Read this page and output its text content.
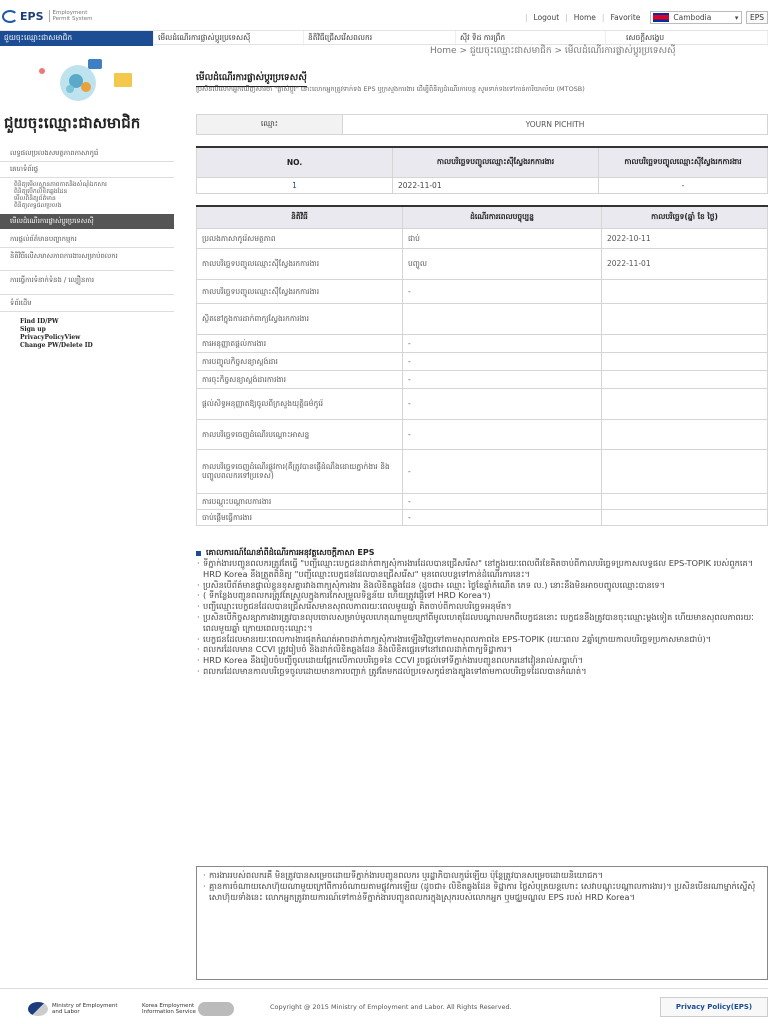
EPS Employment
Permit System	| Logout | Home | Favorite	Cambodia	▾	EPS
ជួយចុះឈ្មោះជាសមាជិក	មើលដំណើរការផ្លាស់ប្តូរប្រទេសស៊ី	និតិវិធីជ្រើសរើសពលករ	ស៊ីវ ទិដ ការព្រឹក	សេចក្តីសង្ខេប
Home > ជួយចុះឈ្មោះជាសមាជិក > មើលដំណើរការផ្លាស់ប្តូរប្រទេសស៊ី
ជួយចុះឈ្មោះជាសមាជិក
លទ្ធផលប្រលងសមត្ថភាពភាសាកូរ៉េ
គេហទំព័រផ្ទ
ពិនិត្យមើលស្ថានភាពកាតនិងសំណុំឯកសារ
ពិនិត្យបើកលិខិតឆ្លងដែន
មើលពិនិត្យព័ត៌មាន
ពិនិត្យលទ្ធផលប្រលង
មើលដំណើរការផ្លាស់ប្តូរប្រទេសស៊ី
ការផ្តល់ព័ត៌មានបញ្ហាកម្មករ
និតិវិធីលើសមាសភាពការងារសម្រាប់ពលករ
ការធ្វើការទំនាក់ទំនង / ល្បឿនការ
ទំព័រដើម
Find ID/PW
Sign up
PrivacyPolicyView
Change PW/Delete ID
មើលដំណើរការផ្លាស់ប្តូរប្រទេសស៊ី
ប្រសិនបើលោកអ្នកឃើញសារថា "ផ្លាស់ប្តូរ" នោះលោកអ្នកត្រូវទាក់ទង EPS ឬក្រសួងការងារ ដើម្បីពិនិត្យដំណើរការបន្ត សូមទាក់ទងទៅកាន់ការិយាល័យ (MTOSB)
ឈ្មោះ	YOURN PICHITH
NO.	កាលបរិច្ឆេទបញ្ចូលឈ្មោះស៊ីស្វែងរកការងារ	កាលបរិច្ឆេទបញ្ចូលឈ្មោះស៊ីស្វែងរកការងារ
1	2022-11-01	-
និតិវិធី	ដំណើរការពេលបច្ចុប្បន្ន	កាលបរិច្ឆេទ(ឆ្នាំ ខែ ថ្ងៃ)
ប្រលងភាសាកូរ៉េសមត្ថភាព	ជាប់	2022-10-11
កាលបរិច្ឆេទបញ្ចូលឈ្មោះស៊ីស្វែងរកការងារ	បញ្ចូល	2022-11-01
កាលបរិច្ឆេទបញ្ចូលឈ្មោះស៊ីស្វែងរកការងារ	-	
ស្ថិតនៅក្នុងការដាក់ពាក្យស្វែងរកការងារ		
ការអនុញ្ញាតផ្តល់ការងារ	-	
ការបញ្ចូលកិច្ចសន្យាស្តង់ដារ	-	
ការចុះកិច្ចសន្យាស្តង់ដារការងារ	-	
ផ្តល់សិទ្ធអនុញ្ញាតឱ្យចូលពីក្រសួងយុត្តិធម៌កូរ៉េ	-	
កាលបរិច្ឆេទចេញដំណើរបណ្តោះអាសន្ន	-	
កាលបរិច្ឆេទចេញដំណើរផ្លូវការ(គឺត្រូវបានផ្ញើដំណឹងដោយភ្នាក់ងារ និងបញ្ចូលពលករទៅប្រទេស)	-	
ការបណ្តុះបណ្តាលការងារ	-	
ចាប់ផ្តើមធ្វើការងារ	-	
គោលការណ៍ណែនាំពីដំណើរការអនុវត្តសេចក្តីភាសា EPS
· ទីភ្នាក់ងារបញ្ជូនពលករត្រូវតែធ្វើ "បញ្ជីឈ្មោះបេក្ខជនដាក់ពាក្យសុំការងារដែលបានជ្រើសរើស" នៅក្នុងរយៈពេលពីរខែគិតចាប់ពីកាលបរិច្ឆេទប្រកាសលទ្ធផល EPS-TOPIK របស់ពួកគេ។ HRD Korea នឹងត្រួតពិនិត្យ "បញ្ជីឈ្មោះបេក្ខជនដែលបានជ្រើសរើស" មុនពេលបន្តទៅកាន់ដំណើរការនេះ។
· ប្រសិនបើព័ត៌មានផ្ទាល់ខ្លួនខុសគ្នារវាងពាក្យសុំការងារ និងលិខិតឆ្លងដែន (ដូចជា៖ ឈ្មោះ ថ្ងៃខែឆ្នាំកំណើត ភេទ ល.) នោះនឹងមិនអាចបញ្ចូលឈ្មោះបានទេ។
· ( ទីកន្លែងបញ្ជូនពលករត្រូវតែស្រួលក្នុងការកែសម្រួលទិន្នន័យ ហើយត្រូវផ្ញើទៅ HRD Korea។)
· បញ្ជីឈ្មោះបេក្ខជនដែលបានជ្រើសរើសមានសុពលភាពរយៈពេលមួយឆ្នាំ គិតចាប់ពីកាលបរិច្ឆេទអនុម័ត។
· ប្រសិនបើកិច្ចសន្យាការងារត្រូវបានលុបចោលសម្រាប់មូលហេតុណាមួយក្រៅពីមូលហេតុដែលបណ្តាលមកពីបេក្ខជននោះ បេក្ខជននឹងត្រូវបានចុះឈ្មោះម្តងទៀត ហើយមានសុពលភាពរយៈពេលមួយឆ្នាំ ក្រោយពេលចុះឈ្មោះ។
· បេក្ខជនដែលមានរយៈពេលការងារផុតកំណត់អាចដាក់ពាក្យសុំការងារឡើងវិញទៅតាមសុពលភាពនៃ EPS-TOPIK (រយៈពេល 2ឆ្នាំក្រោយកាលបរិច្ឆេទប្រកាសមានជាប់)។
· ពលករដែលមាន CCVI ត្រូវរៀបចំ និងដាក់លិខិតឆ្លងដែន និងលិខិតផ្ទេរទៅនៅពេលដាក់ពាក្យទិដ្ឋាការ។
· HRD Korea នឹងរៀបចំបញ្ជីចូលដោយផ្អែកលើកាលបរិច្ឆេទនៃ CCVI រួចផ្តល់ទៅទីភ្នាក់ងារបញ្ជូនពលករនៅវៀនរាល់សប្តាហ៍។
· ពលករដែលមានកាលបរិច្ឆេទចូលដោយមានការបញ្ជាក់ ត្រូវតែមកដល់ប្រទេសកូរ៉េខាងត្បូងទៅតាមកាលបរិច្ឆេទដែលបានកំណត់។
· ការងាររបស់ពលករគឺ មិនត្រូវបានសម្រេចដោយទីភ្នាក់ងារបញ្ជូនពលករ ឬរដ្ឋាភិបាលកូរ៉េឡើយ ប៉ុន្តែត្រូវបានសម្រេចដោយនិយោជក។
· គ្មានការចំណាយសោហ៊ុយណាមួយក្រៅពីការចំណាយតាមផ្លូវការឡើយ (ដូចជា៖ លិខិតឆ្លងដែន ទិដ្ឋាការ ថ្លៃសំបុត្រយន្តហោះ សេវាបណ្តុះបណ្តាលការងារ)។ ប្រសិនបើនរណាម្នាក់ស្នើសុំសោហ៊ុយទាំងនេះ លោកអ្នកត្រូវរាយការណ៍ទៅកាន់ទីភ្នាក់ងារបញ្ជូនពលករក្នុងស្រុករបស់លោកអ្នក ឬមជ្ឈមណ្ឌល EPS របស់ HRD Korea។
Ministry of Employment
and Labor
Korea Employment
Information Service
Copyright @ 2015 Ministry of Employment and Labor. All Rights Reserved.	Privacy Policy(EPS)
